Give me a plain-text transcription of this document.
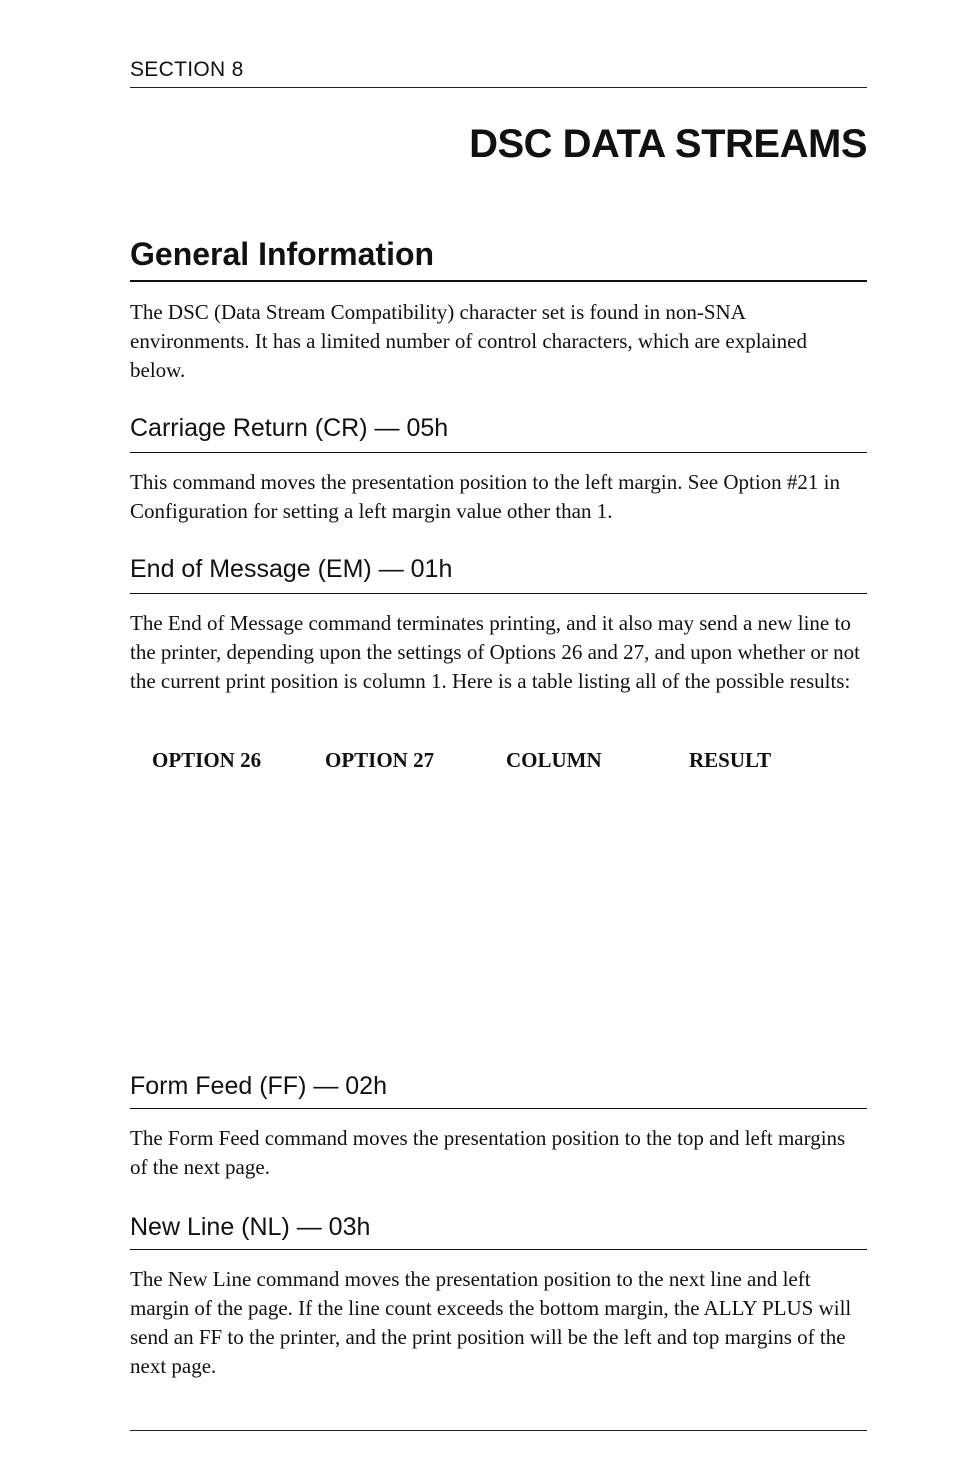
SECTION 8
DSC DATA STREAMS
General Information

The DSC (Data Stream Compatibility) character set is found in non-SNA environments. It has a limited number of control characters, which are explained below.

Carriage Return (CR) — 05h

This command moves the presentation position to the left margin. See Option #21 in Configuration for setting a left margin value other than 1.

End of Message (EM) — 01h

The End of Message command terminates printing, and it also may send a new line to the printer, depending upon the settings of Options 26 and 27, and upon whether or not the current print position is column 1. Here is a table listing all of the possible results:

OPTION 26	OPTION 27	COLUMN	RESULT
Form Feed (FF) — 02h

The Form Feed command moves the presentation position to the top and left margins of the next page.

New Line (NL) — 03h

The New Line command moves the presentation position to the next line and left margin of the page. If the line count exceeds the bottom margin, the ALLY PLUS will send an FF to the printer, and the print position will be the left and top margins of the next page.
